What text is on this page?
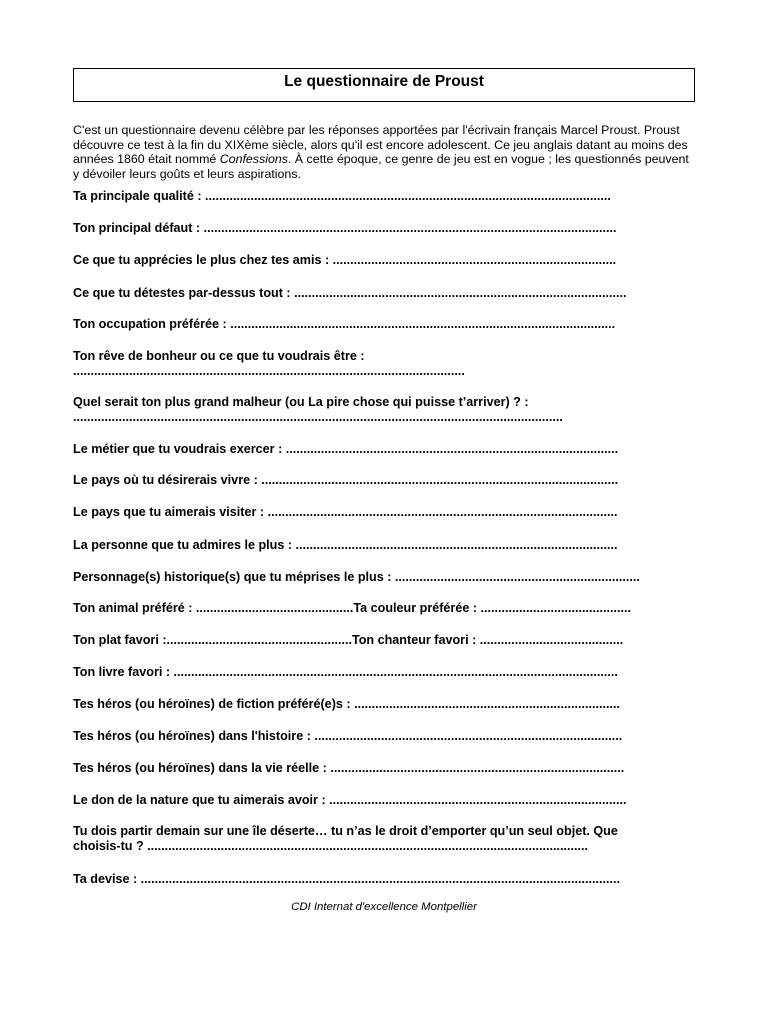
Le questionnaire de Proust

C'est un questionnaire devenu célèbre par les réponses apportées par l'écrivain français Marcel Proust. Proust découvre ce test à la fin du XIXème siècle, alors qu'il est encore adolescent. Ce jeu anglais datant au moins des années 1860 était nommé Confessions. À cette époque, ce genre de jeu est en vogue ; les questionnés peuvent y dévoiler leurs goûts et leurs aspirations.

Ta principale qualité : ....................................................................................................................
Ton principal défaut : ......................................................................................................................
Ce que tu apprécies le plus chez tes amis : .................................................................................
Ce que tu détestes par-dessus tout : ...............................................................................................
Ton occupation préférée : ..............................................................................................................
Ton rêve de bonheur ou ce que tu voudrais être :
................................................................................................................
Quel serait ton plus grand malheur (ou La pire chose qui puisse t’arriver) ? :
............................................................................................................................................
Le métier que tu voudrais exercer : ...............................................................................................
Le pays où tu désirerais vivre : ......................................................................................................
Le pays que tu aimerais visiter : ....................................................................................................
La personne que tu admires le plus : ............................................................................................
Personnage(s) historique(s) que tu méprises le plus : ......................................................................
Ton animal préféré : .............................................Ta couleur préférée : ...........................................
Ton plat favori :.....................................................Ton chanteur favori : .........................................
Ton livre favori : ...............................................................................................................................
Tes héros (ou héroïnes) de fiction préféré(e)s : ............................................................................
Tes héros (ou héroïnes) dans l'histoire : ........................................................................................
Tes héros (ou héroïnes) dans la vie réelle : ....................................................................................
Le don de la nature que tu aimerais avoir : .....................................................................................
Tu dois partir demain sur une île déserte… tu n’as le droit d’emporter qu’un seul objet. Que
choisis-tu ? ..............................................................................................................................
Ta devise : .........................................................................................................................................
CDI Internat d'excellence Montpellier
